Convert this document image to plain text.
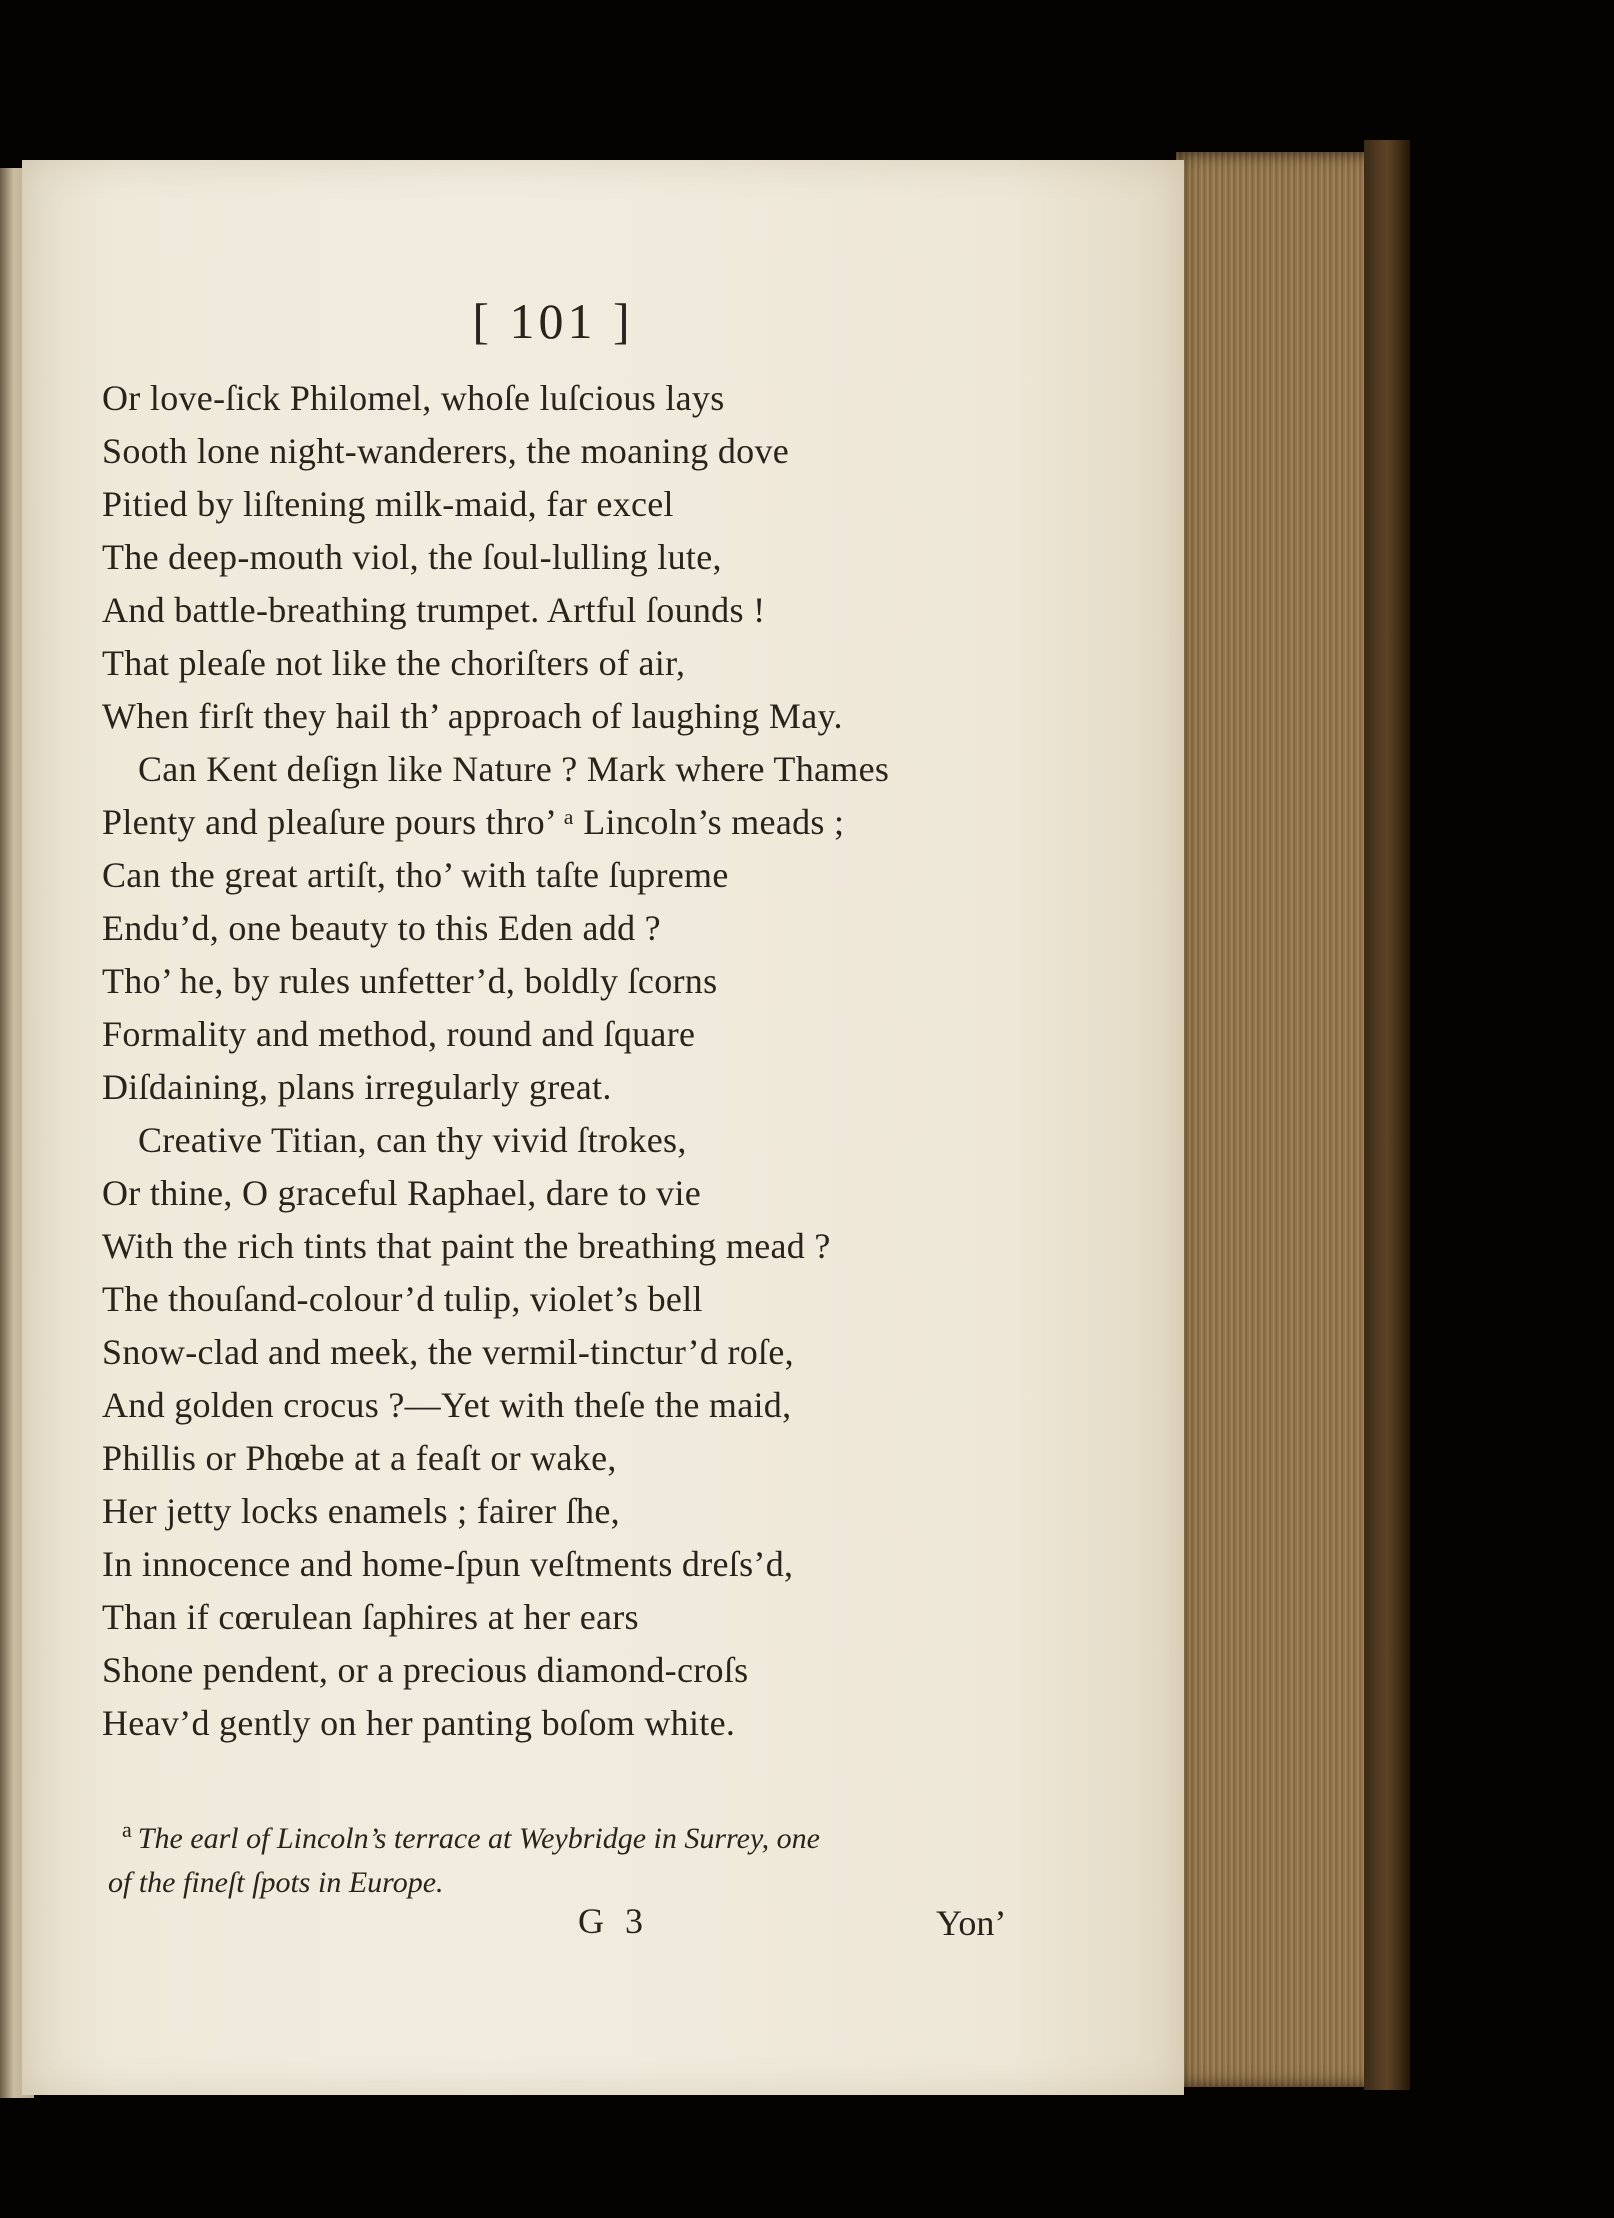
[ 101 ]
Or love-ſick Philomel, whoſe luſcious lays
Sooth lone night-wanderers, the moaning dove
Pitied by liſtening milk-maid, far excel
The deep-mouth viol, the ſoul-lulling lute,
And battle-breathing trumpet. Artful ſounds !
That pleaſe not like the choriſters of air,
When firſt they hail th’ approach of laughing May.
Can Kent deſign like Nature ? Mark where Thames
Plenty and pleaſure pours thro’ ᵃ Lincoln’s meads ;
Can the great artiſt, tho’ with taſte ſupreme
Endu’d, one beauty to this Eden add ?
Tho’ he, by rules unfetter’d, boldly ſcorns
Formality and method, round and ſquare
Diſdaining, plans irregularly great.
Creative Titian, can thy vivid ſtrokes,
Or thine, O graceful Raphael, dare to vie
With the rich tints that paint the breathing mead ?
The thouſand-colour’d tulip, violet’s bell
Snow-clad and meek, the vermil-tinctur’d roſe,
And golden crocus ?—Yet with theſe the maid,
Phillis or Phœbe at a feaſt or wake,
Her jetty locks enamels ; fairer ſhe,
In innocence and home-ſpun veſtments dreſs’d,
Than if cœrulean ſaphires at her ears
Shone pendent, or a precious diamond-croſs
Heav’d gently on her panting boſom white.
$^a$ The earl of Lincoln’s terrace at Weybridge in Surrey, one
of the fineſt ſpots in Europe.
G 3	Yon’
